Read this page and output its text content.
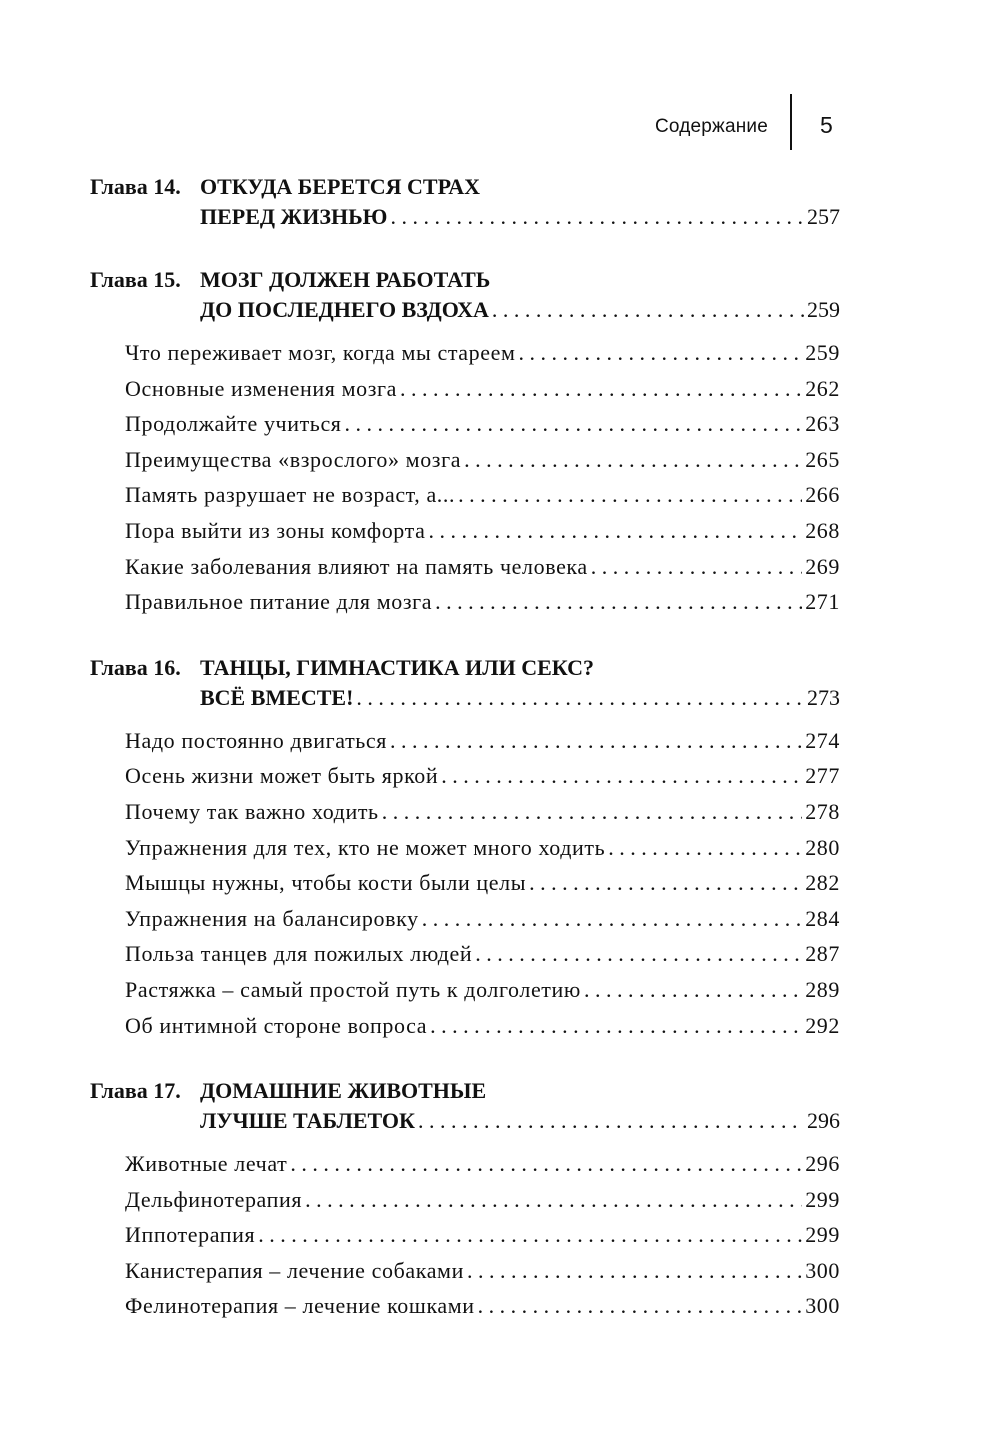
Содержание 5
Глава 14. ОТКУДА БЕРЕТСЯ СТРАХ
ПЕРЕД ЖИЗНЬЮ . . .	257
Глава 15. МОЗГ ДОЛЖЕН РАБОТАТЬ
ДО ПОСЛЕДНЕГО ВЗДОХА . . .	259
Что переживает мозг, когда мы стареем . . .	259
Основные изменения мозга . . .	262
Продолжайте учиться . . .	263
Преимущества «взрослого» мозга . . .	265
Память разрушает не возраст, а... . . .	266
Пора выйти из зоны комфорта . . .	268
Какие заболевания влияют на память человека . . .	269
Правильное питание для мозга . . .	271
Глава 16. ТАНЦЫ, ГИМНАСТИКА ИЛИ СЕКС?
ВСЁ ВМЕСТЕ! . . .	273
Надо постоянно двигаться . . .	274
Осень жизни может быть яркой . . .	277
Почему так важно ходить . . .	278
Упражнения для тех, кто не может много ходить . . .	280
Мышцы нужны, чтобы кости были целы . . .	282
Упражнения на балансировку . . .	284
Польза танцев для пожилых людей . . .	287
Растяжка – самый простой путь к долголетию . . .	289
Об интимной стороне вопроса . . .	292
Глава 17. ДОМАШНИЕ ЖИВОТНЫЕ
ЛУЧШЕ ТАБЛЕТОК . . .	296
Животные лечат . . .	296
Дельфинотерапия . . .	299
Иппотерапия . . .	299
Канистерапия – лечение собаками . . .	300
Фелинотерапия – лечение кошками . . .	300
